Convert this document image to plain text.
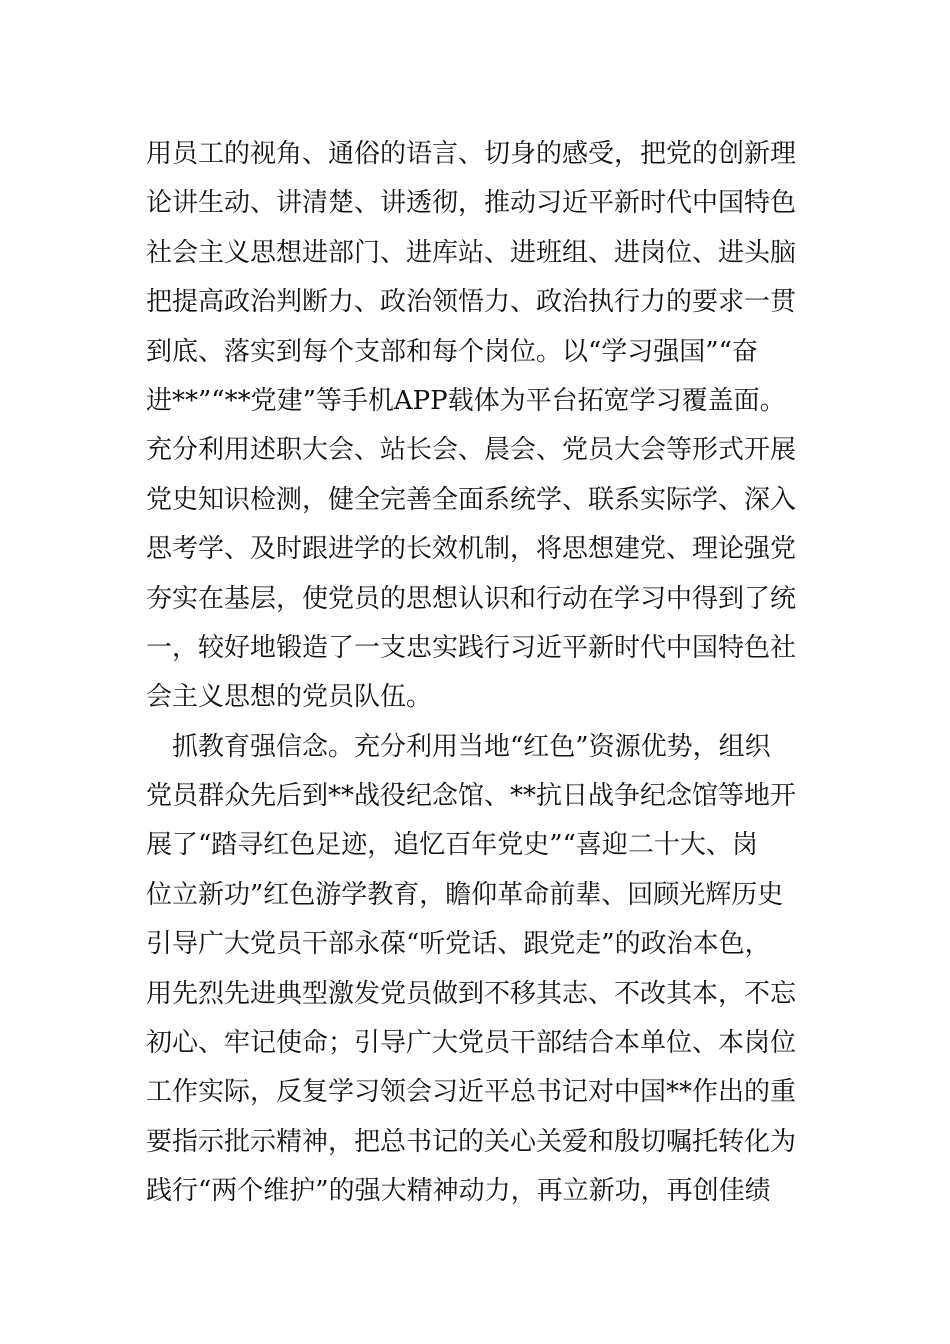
用员工的视角、通俗的语言、切身的感受，把党的创新理
论讲生动、讲清楚、讲透彻，推动习近平新时代中国特色
社会主义思想进部门、进库站、进班组、进岗位、进头脑
把提高政治判断力、政治领悟力、政治执行力的要求一贯
到底、落实到每个支部和每个岗位。以“学习强国”“奋
进**”“**党建”等手机APP载体为平台拓宽学习覆盖面。
充分利用述职大会、站长会、晨会、党员大会等形式开展
党史知识检测，健全完善全面系统学、联系实际学、深入
思考学、及时跟进学的长效机制，将思想建党、理论强党
夯实在基层，使党员的思想认识和行动在学习中得到了统
一，较好地锻造了一支忠实践行习近平新时代中国特色社
会主义思想的党员队伍。
　抓教育强信念。充分利用当地“红色”资源优势，组织
党员群众先后到**战役纪念馆、**抗日战争纪念馆等地开
展了“踏寻红色足迹，追忆百年党史”“喜迎二十大、岗
位立新功”红色游学教育，瞻仰革命前辈、回顾光辉历史
引导广大党员干部永葆“听党话、跟党走”的政治本色，
用先烈先进典型激发党员做到不移其志、不改其本，不忘
初心、牢记使命；引导广大党员干部结合本单位、本岗位
工作实际，反复学习领会习近平总书记对中国**作出的重
要指示批示精神，把总书记的关心关爱和殷切嘱托转化为
践行“两个维护”的强大精神动力，再立新功，再创佳绩
